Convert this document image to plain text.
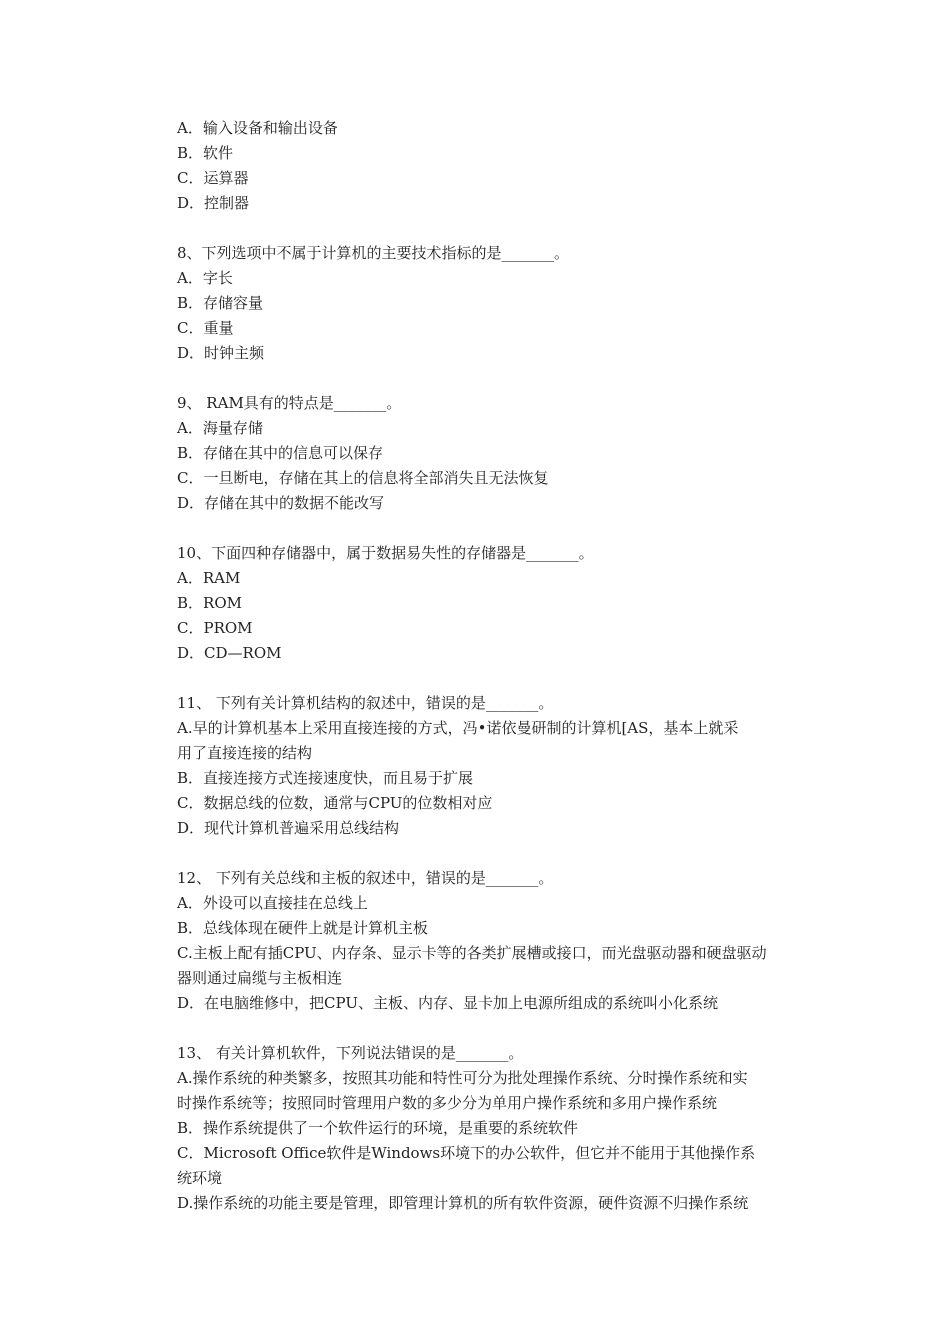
A．输入设备和输出设备

B．软件

C．运算器

D．控制器

8、下列选项中不属于计算机的主要技术指标的是_______。

A．字长

B．存储容量

C．重量

D．时钟主频

9、 RAM具有的特点是_______。

A．海量存储

B．存储在其中的信息可以保存

C．一旦断电，存储在其上的信息将全部消失且无法恢复

D．存储在其中的数据不能改写

10、下面四种存储器中，属于数据易失性的存储器是_______。

A．RAM

B．ROM

C．PROM

D．CD—ROM

11、 下列有关计算机结构的叙述中，错误的是_______。

A.早的计算机基本上采用直接连接的方式，冯•诺依曼研制的计算机[AS，基本上就采

用了直接连接的结构

B．直接连接方式连接速度快，而且易于扩展

C．数据总线的位数，通常与CPU的位数相对应

D．现代计算机普遍采用总线结构

12、 下列有关总线和主板的叙述中，错误的是_______。

A．外设可以直接挂在总线上

B．总线体现在硬件上就是计算机主板

C.主板上配有插CPU、内存条、显示卡等的各类扩展槽或接口，而光盘驱动器和硬盘驱动

器则通过扁缆与主板相连

D．在电脑维修中，把CPU、主板、内存、显卡加上电源所组成的系统叫小化系统

13、 有关计算机软件，下列说法错误的是_______。

A.操作系统的种类繁多，按照其功能和特性可分为批处理操作系统、分时操作系统和实

时操作系统等；按照同时管理用户数的多少分为单用户操作系统和多用户操作系统

B．操作系统提供了一个软件运行的环境，是重要的系统软件

C．Microsoft Office软件是Windows环境下的办公软件，但它并不能用于其他操作系

统环境

D.操作系统的功能主要是管理，即管理计算机的所有软件资源，硬件资源不归操作系统
